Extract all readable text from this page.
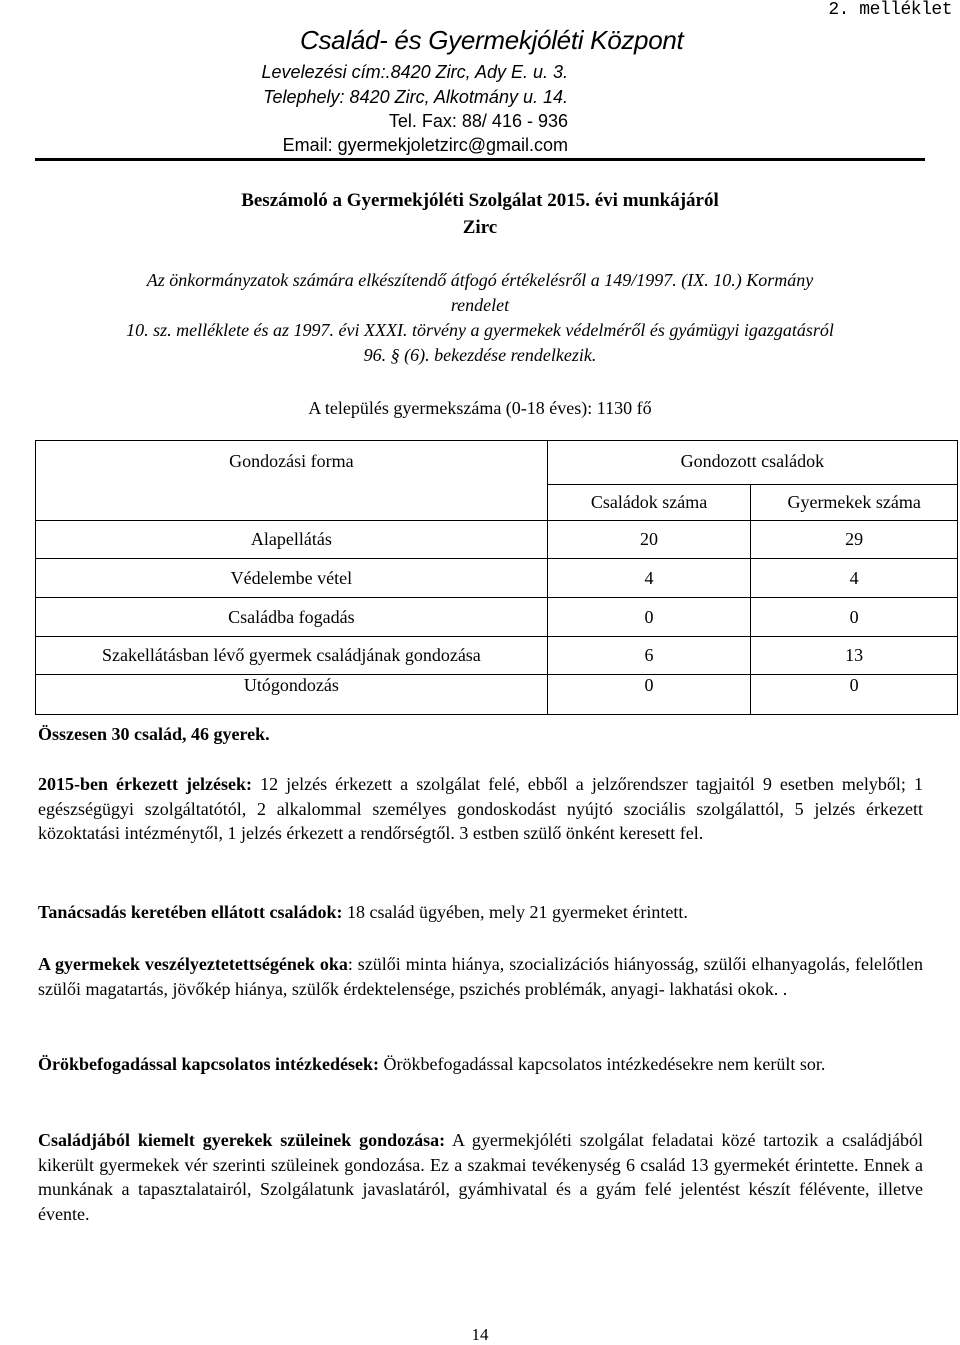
Család- és Gyermekjóléti Központ
Levelezési cím:.8420 Zirc, Ady E. u. 3.
Telephely: 8420 Zirc, Alkotmány u. 14.
Tel. Fax: 88/ 416 - 936
Email: gyermekjoletzirc@gmail.com
2. melléklet
Beszámoló a Gyermekjóléti Szolgálat 2015. évi munkájáról
Zirc
Az önkormányzatok számára elkészítendő átfogó értékelésről a 149/1997. (IX. 10.) Kormány
rendelet
10. sz. melléklete és az 1997. évi XXXI. törvény a gyermekek védelméről és gyámügyi igazgatásról
96. § (6). bekezdése rendelkezik.
A település gyermekszáma (0-18 éves): 1130 fő
Gondozási forma	Gondozott családok	
	Családok száma	Gyermekek száma
Alapellátás	20	29
Védelembe vétel	4	4
Családba fogadás	0	0
Szakellátásban lévő gyermek családjának gondozása	6	13
Utógondozás	0	0
Összesen 30 család, 46 gyerek.
2015-ben érkezett jelzések: 12 jelzés érkezett a szolgálat felé, ebből a jelzőrendszer tagjaitól 9 esetben melyből; 1 egészségügyi szolgáltatótól, 2 alkalommal személyes gondoskodást nyújtó szociális szolgálattól, 5 jelzés érkezett közoktatási intézménytől, 1 jelzés érkezett a rendőrségtől. 3 estben szülő önként keresett fel.
Tanácsadás keretében ellátott családok: 18 család ügyében, mely 21 gyermeket érintett.
A gyermekek veszélyeztetettségének oka: szülői minta hiánya, szocializációs hiányosság, szülői elhanyagolás, felelőtlen szülői magatartás, jövőkép hiánya, szülők érdektelensége, pszichés problémák, anyagi- lakhatási okok. .
Örökbefogadással kapcsolatos intézkedések: Örökbefogadással kapcsolatos intézkedésekre nem került sor.
Családjából kiemelt gyerekek szüleinek gondozása: A gyermekjóléti szolgálat feladatai közé tartozik a családjából kikerült gyermekek vér szerinti szüleinek gondozása. Ez a szakmai tevékenység 6 család 13 gyermekét érintette. Ennek a munkának a tapasztalatairól, Szolgálatunk javaslatáról, gyámhivatal és a gyám felé jelentést készít félévente, illetve évente.
14
